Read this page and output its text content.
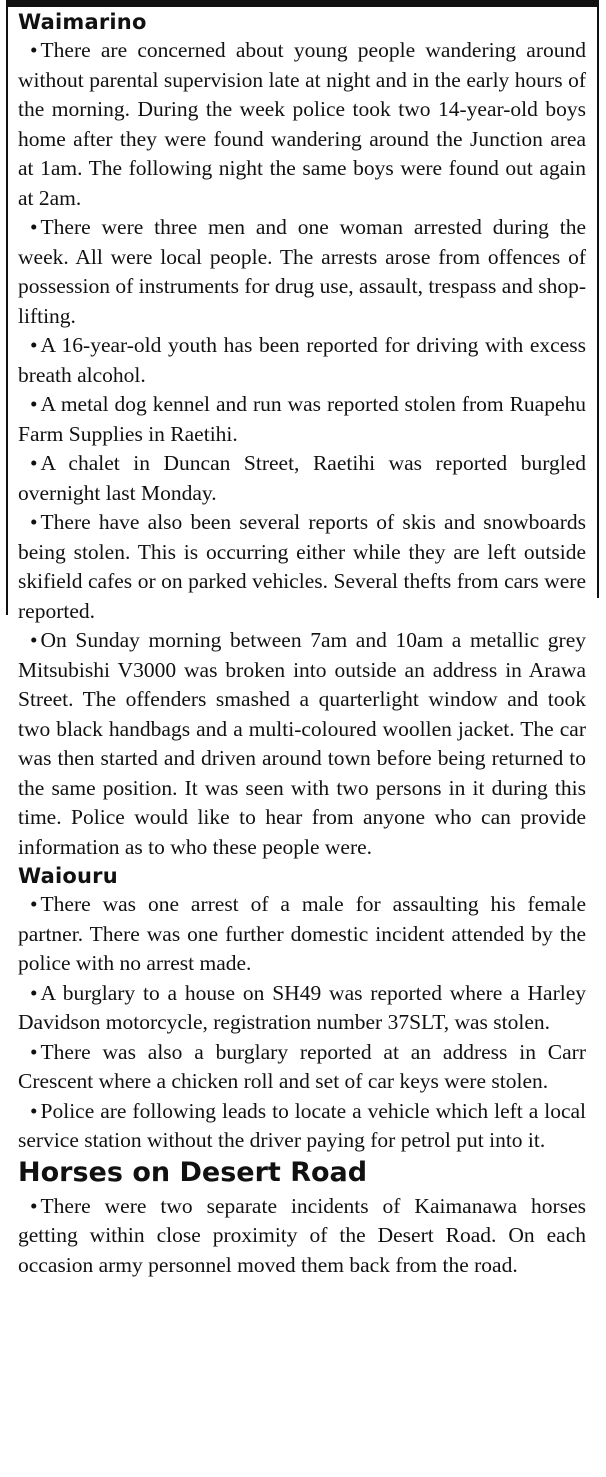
Waimarino

• There are concerned about young people wandering around without parental supervision late at night and in the early hours of the morning. During the week police took two 14-year-old boys home after they were found wandering around the Junction area at 1am. The following night the same boys were found out again at 2am.

• There were three men and one woman arrested during the week. All were local people. The arrests arose from offences of possession of instruments for drug use, assault, trespass and shop-lifting.

• A 16-year-old youth has been reported for driving with excess breath alcohol.

• A metal dog kennel and run was reported stolen from Ruapehu Farm Supplies in Raetihi.

• A chalet in Duncan Street, Raetihi was reported burgled overnight last Monday.

• There have also been several reports of skis and snowboards being stolen. This is occurring either while they are left outside skifield cafes or on parked vehicles. Several thefts from cars were reported.

• On Sunday morning between 7am and 10am a metallic grey Mitsubishi V3000 was broken into outside an address in Arawa Street. The offenders smashed a quarterlight window and took two black handbags and a multi-coloured woollen jacket. The car was then started and driven around town before being returned to the same position. It was seen with two persons in it during this time. Police would like to hear from anyone who can provide information as to who these people were.

Waiouru

• There was one arrest of a male for assaulting his female partner. There was one further domestic incident attended by the police with no arrest made.

• A burglary to a house on SH49 was reported where a Harley Davidson motorcycle, registration number 37SLT, was stolen.

• There was also a burglary reported at an address in Carr Crescent where a chicken roll and set of car keys were stolen.

• Police are following leads to locate a vehicle which left a local service station without the driver paying for petrol put into it.

Horses on Desert Road

• There were two separate incidents of Kaimanawa horses getting within close proximity of the Desert Road. On each occasion army personnel moved them back from the road.
